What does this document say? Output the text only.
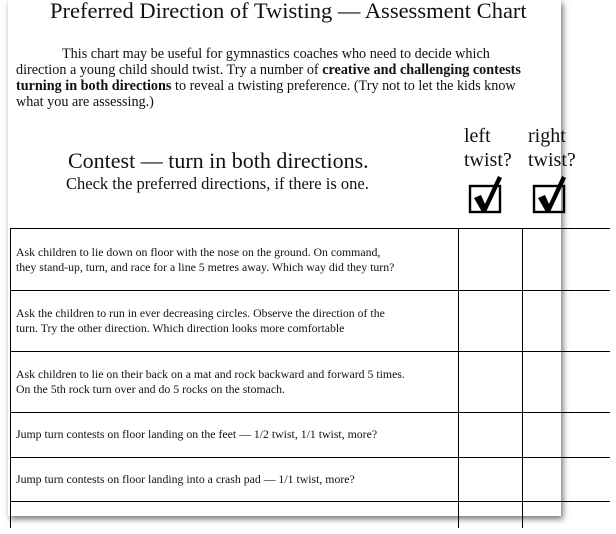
Preferred Direction of Twisting — Assessment Chart
This chart may be useful for gymnastics coaches who need to decide which
direction a young child should twist. Try a number of creative and challenging contests
turning in both directions to reveal a twisting preference. (Try not to let the kids know
what you are assessing.)
Contest — turn in both directions.
Check the preferred directions, if there is one.
left
twist?
right
twist?
Ask children to lie down on floor with the nose on the ground. On command,
they stand-up, turn, and race for a line 5 metres away. Which way did they turn?
Ask the children to run in ever decreasing circles. Observe the direction of the
turn. Try the other direction. Which direction looks more comfortable
Ask children to lie on their back on a mat and rock backward and forward 5 times.
On the 5th rock turn over and do 5 rocks on the stomach.
Jump turn contests on floor landing on the feet — 1/2 twist, 1/1 twist, more?
Jump turn contests on floor landing into a crash pad — 1/1 twist, more?
